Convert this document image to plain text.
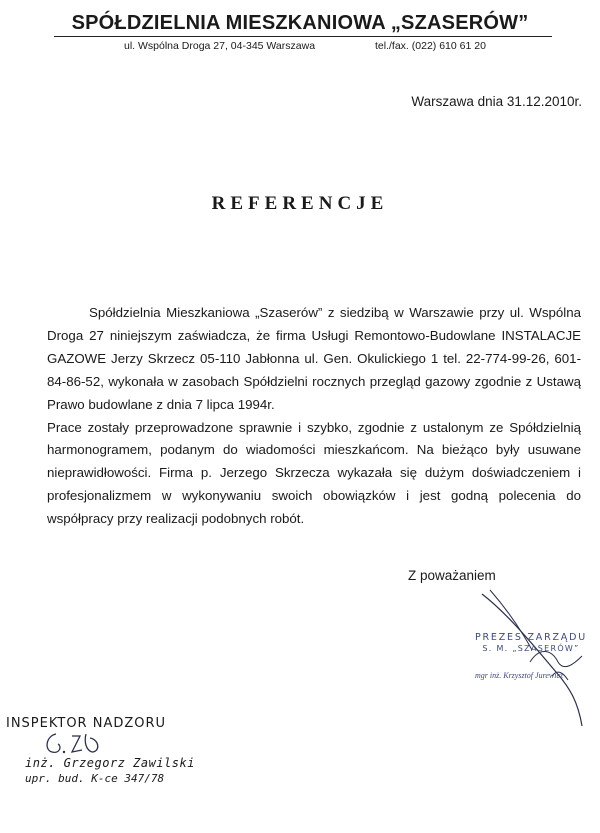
SPÓŁDZIELNIA MIESZKANIOWA „SZASERÓW”
ul. Wspólna Droga 27, 04-345 Warszawa	tel./fax. (022) 610 61 20
Warszawa dnia 31.12.2010r.
REFERENCJE

Spółdzielnia Mieszkaniowa „Szaserów” z siedzibą w Warszawie przy ul. Wspólna Droga 27 niniejszym zaświadcza, że firma Usługi Remontowo-Budowlane INSTALACJE GAZOWE Jerzy Skrzecz 05-110 Jabłonna ul. Gen. Okulickiego 1 tel. 22-774-99-26, 601-84-86-52, wykonała w zasobach Spółdzielni rocznych przegląd gazowy zgodnie z Ustawą Prawo budowlane z dnia 7 lipca 1994r.

Prace zostały przeprowadzone sprawnie i szybko, zgodnie z ustalonym ze Spółdzielnią harmonogramem, podanym do wiadomości mieszkańcom. Na bieżąco były usuwane nieprawidłowości. Firma p. Jerzego Skrzecza wykazała się dużym doświadczeniem i profesjonalizmem w wykonywaniu swoich obowiązków i jest godną polecenia do współpracy przy realizacji podobnych robót.

Z poważaniem
PREZES ZARZĄDU
S. M. „SZASERÓW”
mgr inż. Krzysztof Jurewicz
INSPEKTOR NADZORU
inż. Grzegorz Zawilski
upr. bud. K-ce 347/78
